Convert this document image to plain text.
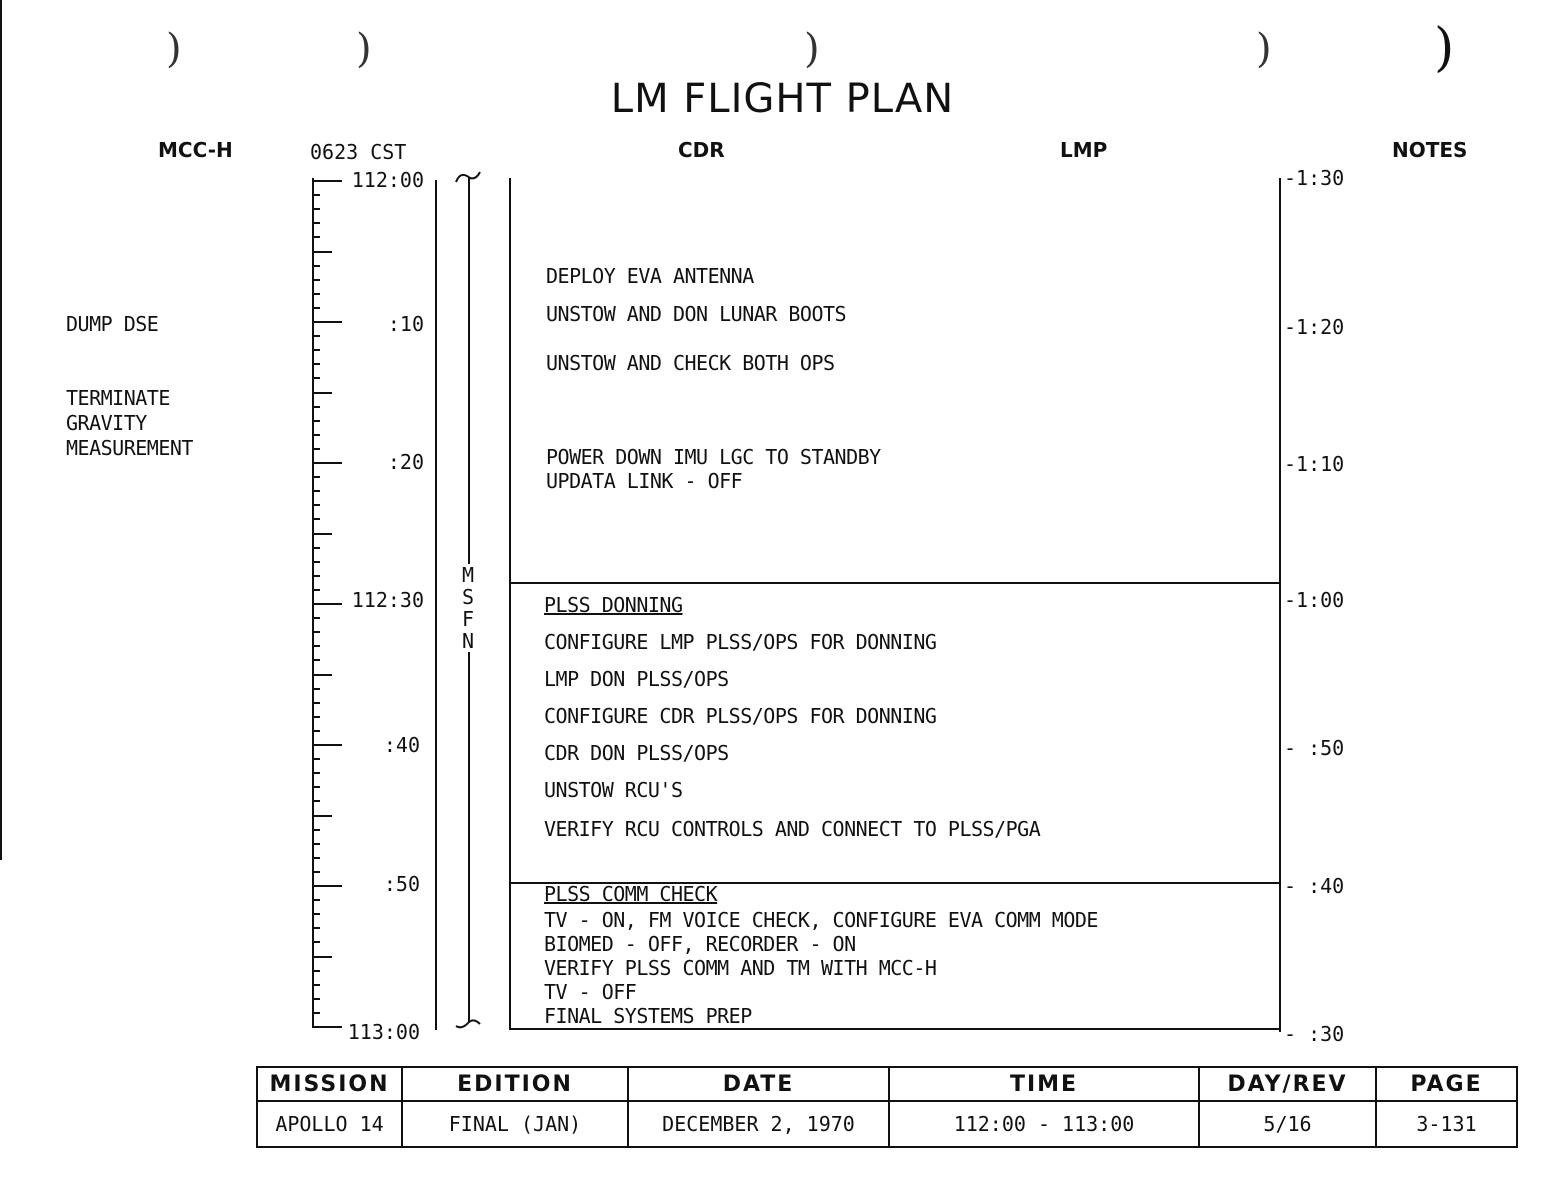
)	)	)	)	)
LM FLIGHT PLAN
MCC-H	0623 CST	CDR	LMP	NOTES
DUMP DSE
TERMINATE
GRAVITY
MEASUREMENT
112:00
:10
:20
112:30
:40
:50
113:00
M
S
F
N
DEPLOY EVA ANTENNA
UNSTOW AND DON LUNAR BOOTS
UNSTOW AND CHECK BOTH OPS
POWER DOWN IMU LGC TO STANDBY
UPDATA LINK - OFF
PLSS DONNING
CONFIGURE LMP PLSS/OPS FOR DONNING
LMP DON PLSS/OPS
CONFIGURE CDR PLSS/OPS FOR DONNING
CDR DON PLSS/OPS
UNSTOW RCU'S
VERIFY RCU CONTROLS AND CONNECT TO PLSS/PGA
PLSS COMM CHECK
TV - ON, FM VOICE CHECK, CONFIGURE EVA COMM MODE
BIOMED - OFF, RECORDER - ON
VERIFY PLSS COMM AND TM WITH MCC-H
TV - OFF
FINAL SYSTEMS PREP
-1:30
-1:20
-1:10
-1:00
- :50
- :40
- :30
MISSION	EDITION	DATE	TIME	DAY/REV	PAGE
APOLLO 14	FINAL (JAN)	DECEMBER 2, 1970	112:00 - 113:00	5/16	3-131
